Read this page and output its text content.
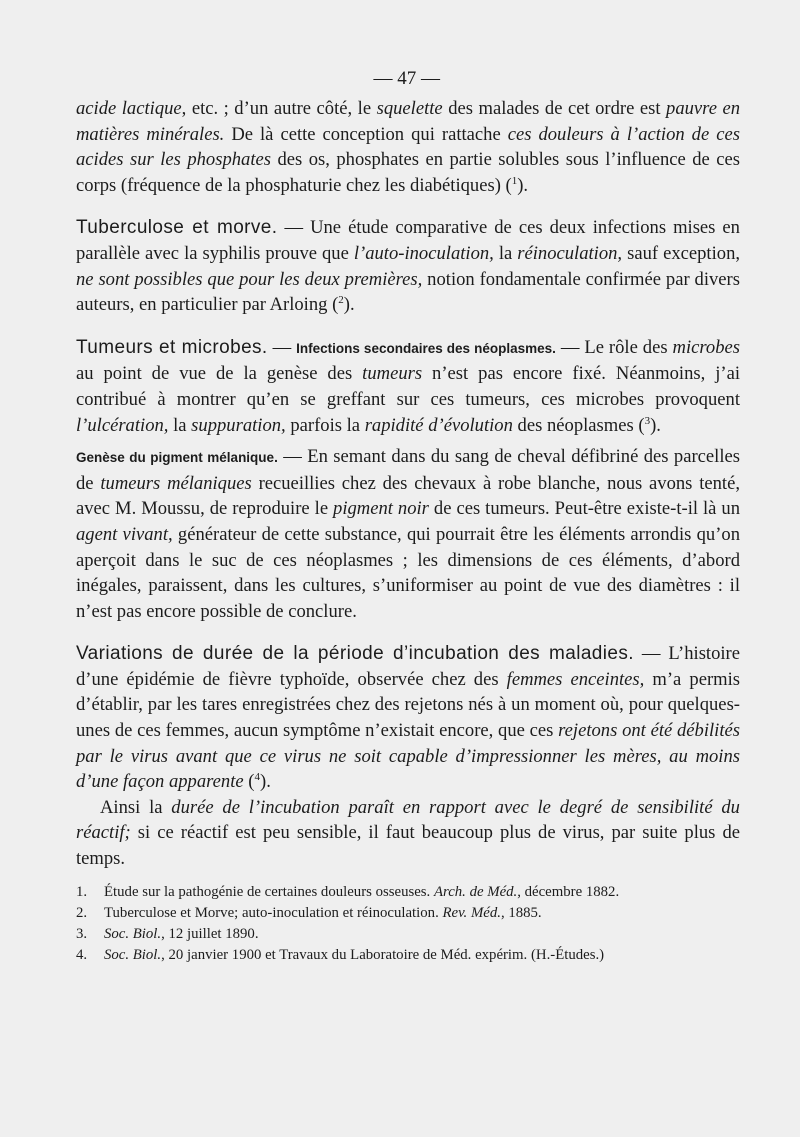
— 47 —

acide lactique, etc. ; d’un autre côté, le squelette des malades de cet ordre est pauvre en matières minérales. De là cette conception qui rattache ces douleurs à l’action de ces acides sur les phosphates des os, phosphates en partie solubles sous l’influence de ces corps (fréquence de la phosphaturie chez les diabétiques) ($^1$).

Tuberculose et morve. — Une étude comparative de ces deux infections mises en parallèle avec la syphilis prouve que l’auto-inoculation, la réinoculation, sauf exception, ne sont possibles que pour les deux premières, notion fondamentale confirmée par divers auteurs, en particulier par Arloing ($^2$).

Tumeurs et microbes. — Infections secondaires des néoplasmes. — Le rôle des microbes au point de vue de la genèse des tumeurs n’est pas encore fixé. Néanmoins, j’ai contribué à montrer qu’en se greffant sur ces tumeurs, ces microbes provoquent l’ulcération, la suppuration, parfois la rapidité d’évolution des néoplasmes ($^3$).

Genèse du pigment mélanique. — En semant dans du sang de cheval défibriné des parcelles de tumeurs mélaniques recueillies chez des chevaux à robe blanche, nous avons tenté, avec M. Moussu, de reproduire le pigment noir de ces tumeurs. Peut-être existe-t-il là un agent vivant, générateur de cette substance, qui pourrait être les éléments arrondis qu’on aperçoit dans le suc de ces néoplasmes ; les dimensions de ces éléments, d’abord inégales, paraissent, dans les cultures, s’uniformiser au point de vue des diamètres : il n’est pas encore possible de conclure.

Variations de durée de la période d’incubation des maladies. — L’histoire d’une épidémie de fièvre typhoïde, observée chez des femmes enceintes, m’a permis d’établir, par les tares enregistrées chez des rejetons nés à un moment où, pour quelques-unes de ces femmes, aucun symptôme n’existait encore, que ces rejetons ont été débilités par le virus avant que ce virus ne soit capable d’impressionner les mères, au moins d’une façon apparente ($^4$).

Ainsi la durée de l’incubation paraît en rapport avec le degré de sensibilité du réactif; si ce réactif est peu sensible, il faut beaucoup plus de virus, par suite plus de temps.

1. Étude sur la pathogénie de certaines douleurs osseuses. Arch. de Méd., décembre 1882.
2. Tuberculose et Morve; auto-inoculation et réinoculation. Rev. Méd., 1885.
3. Soc. Biol., 12 juillet 1890.
4. Soc. Biol., 20 janvier 1900 et Travaux du Laboratoire de Méd. expérim. (H.-Études.)
